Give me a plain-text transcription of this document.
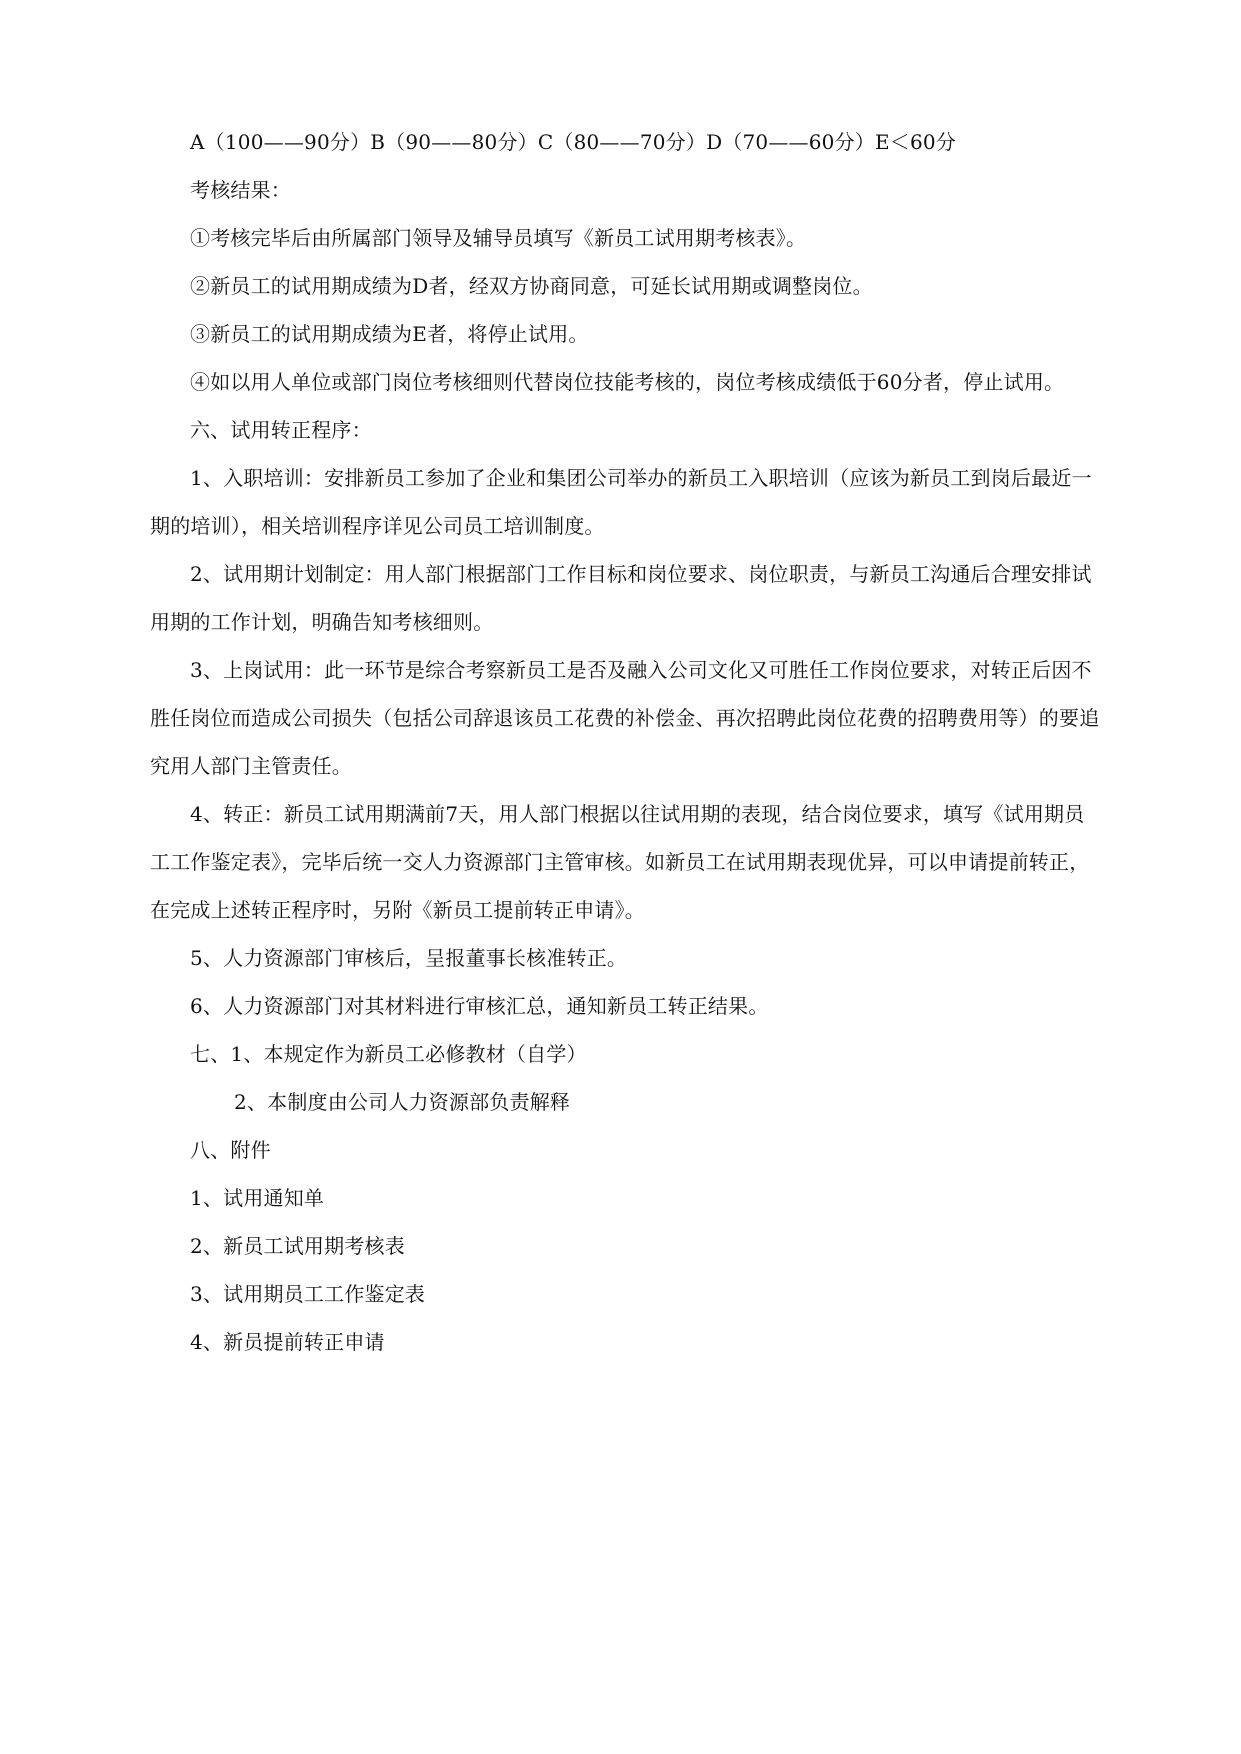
A（100——90分）B（90——80分）C（80——70分）D（70——60分）E＜60分

考核结果：

①考核完毕后由所属部门领导及辅导员填写《新员工试用期考核表》。

②新员工的试用期成绩为D者，经双方协商同意，可延长试用期或调整岗位。

③新员工的试用期成绩为E者，将停止试用。

④如以用人单位或部门岗位考核细则代替岗位技能考核的，岗位考核成绩低于60分者，停止试用。

六、试用转正程序：

1、入职培训：安排新员工参加了企业和集团公司举办的新员工入职培训（应该为新员工到岗后最近一期的培训），相关培训程序详见公司员工培训制度。

2、试用期计划制定：用人部门根据部门工作目标和岗位要求、岗位职责，与新员工沟通后合理安排试用期的工作计划，明确告知考核细则。

3、上岗试用：此一环节是综合考察新员工是否及融入公司文化又可胜任工作岗位要求，对转正后因不胜任岗位而造成公司损失（包括公司辞退该员工花费的补偿金、再次招聘此岗位花费的招聘费用等）的要追究用人部门主管责任。

4、转正：新员工试用期满前7天，用人部门根据以往试用期的表现，结合岗位要求，填写《试用期员工工作鉴定表》，完毕后统一交人力资源部门主管审核。如新员工在试用期表现优异，可以申请提前转正，在完成上述转正程序时，另附《新员工提前转正申请》。

5、人力资源部门审核后，呈报董事长核准转正。

6、人力资源部门对其材料进行审核汇总，通知新员工转正结果。

七、1、本规定作为新员工必修教材（自学）

2、本制度由公司人力资源部负责解释

八、附件

1、试用通知单

2、新员工试用期考核表

3、试用期员工工作鉴定表

4、新员提前转正申请
